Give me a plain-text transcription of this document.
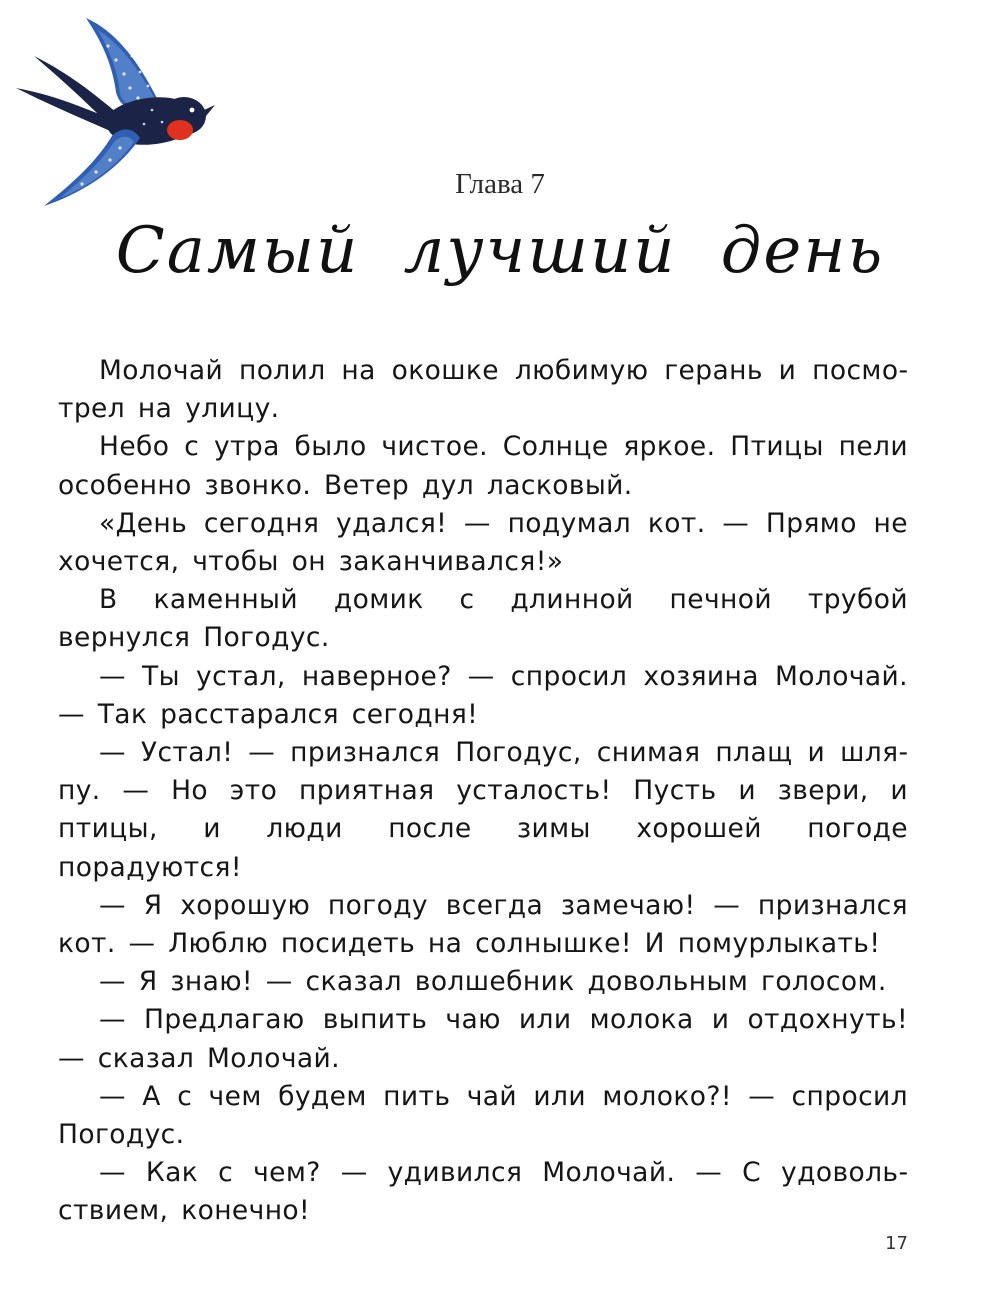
Глава 7
Самый лучший день

Молочай полил на окошке любимую герань и посмотрел на улицу.

Небо с утра было чистое. Солнце яркое. Птицы пели особенно звонко. Ветер дул ласковый.

«День сегодня удался! — подумал кот. — Прямо не хочется, чтобы он заканчивался!»

В каменный домик с длинной печной трубой вернулся Погодус.

— Ты устал, наверное? — спросил хозяина Молочай. — Так расстарался сегодня!

— Устал! — признался Погодус, снимая плащ и шляпу. — Но это приятная усталость! Пусть и звери, и птицы, и люди после зимы хорошей погоде порадуются!

— Я хорошую погоду всегда замечаю! — признался кот. — Люблю посидеть на солнышке! И помурлыкать!

— Я знаю! — сказал волшебник довольным голосом.

— Предлагаю выпить чаю или молока и отдохнуть! — сказал Молочай.

— А с чем будем пить чай или молоко?! — спросил Погодус.

— Как с чем? — удивился Молочай. — С удовольствием, конечно!

17
